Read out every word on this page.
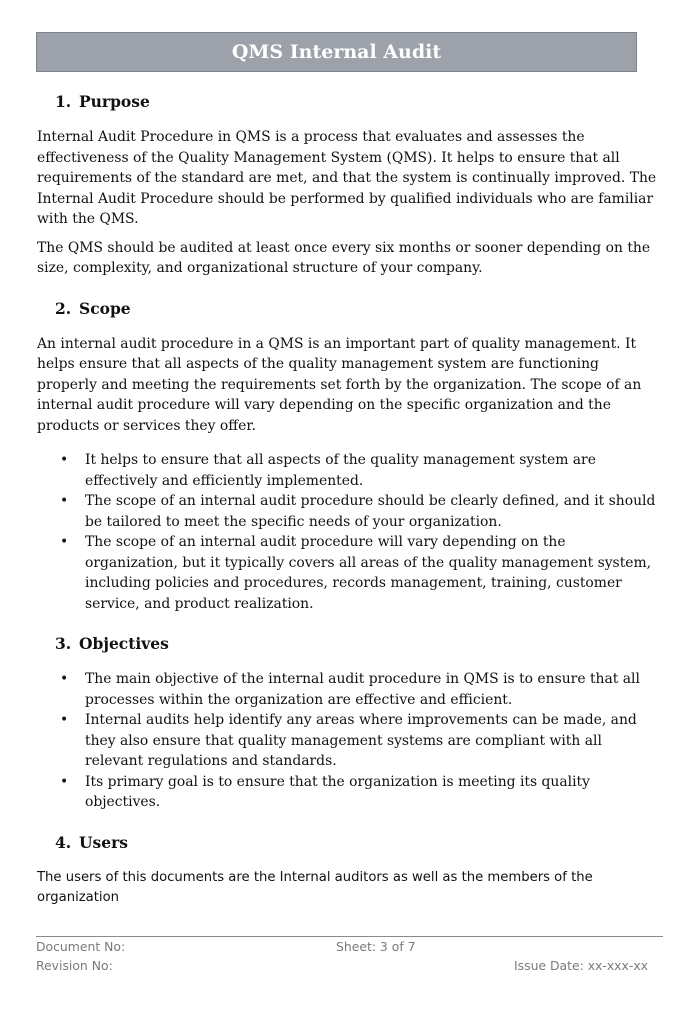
QMS Internal Audit
1. Purpose

Internal Audit Procedure in QMS is a process that evaluates and assesses the effectiveness of the Quality Management System (QMS). It helps to ensure that all requirements of the standard are met, and that the system is continually improved. The Internal Audit Procedure should be performed by qualified individuals who are familiar with the QMS.

The QMS should be audited at least once every six months or sooner depending on the size, complexity, and organizational structure of your company.

2. Scope

An internal audit procedure in a QMS is an important part of quality management. It helps ensure that all aspects of the quality management system are functioning properly and meeting the requirements set forth by the organization. The scope of an internal audit procedure will vary depending on the specific organization and the products or services they offer.

• It helps to ensure that all aspects of the quality management system are effectively and efficiently implemented.
• The scope of an internal audit procedure should be clearly defined, and it should be tailored to meet the specific needs of your organization.
• The scope of an internal audit procedure will vary depending on the organization, but it typically covers all areas of the quality management system, including policies and procedures, records management, training, customer service, and product realization.
3. Objectives
• The main objective of the internal audit procedure in QMS is to ensure that all processes within the organization are effective and efficient.
• Internal audits help identify any areas where improvements can be made, and they also ensure that quality management systems are compliant with all relevant regulations and standards.
• Its primary goal is to ensure that the organization is meeting its quality objectives.
4. Users

The users of this documents are the Internal auditors as well as the members of the organization

Document No:	Sheet: 3 of 7
Revision No:	Issue Date: xx-xxx-xx
